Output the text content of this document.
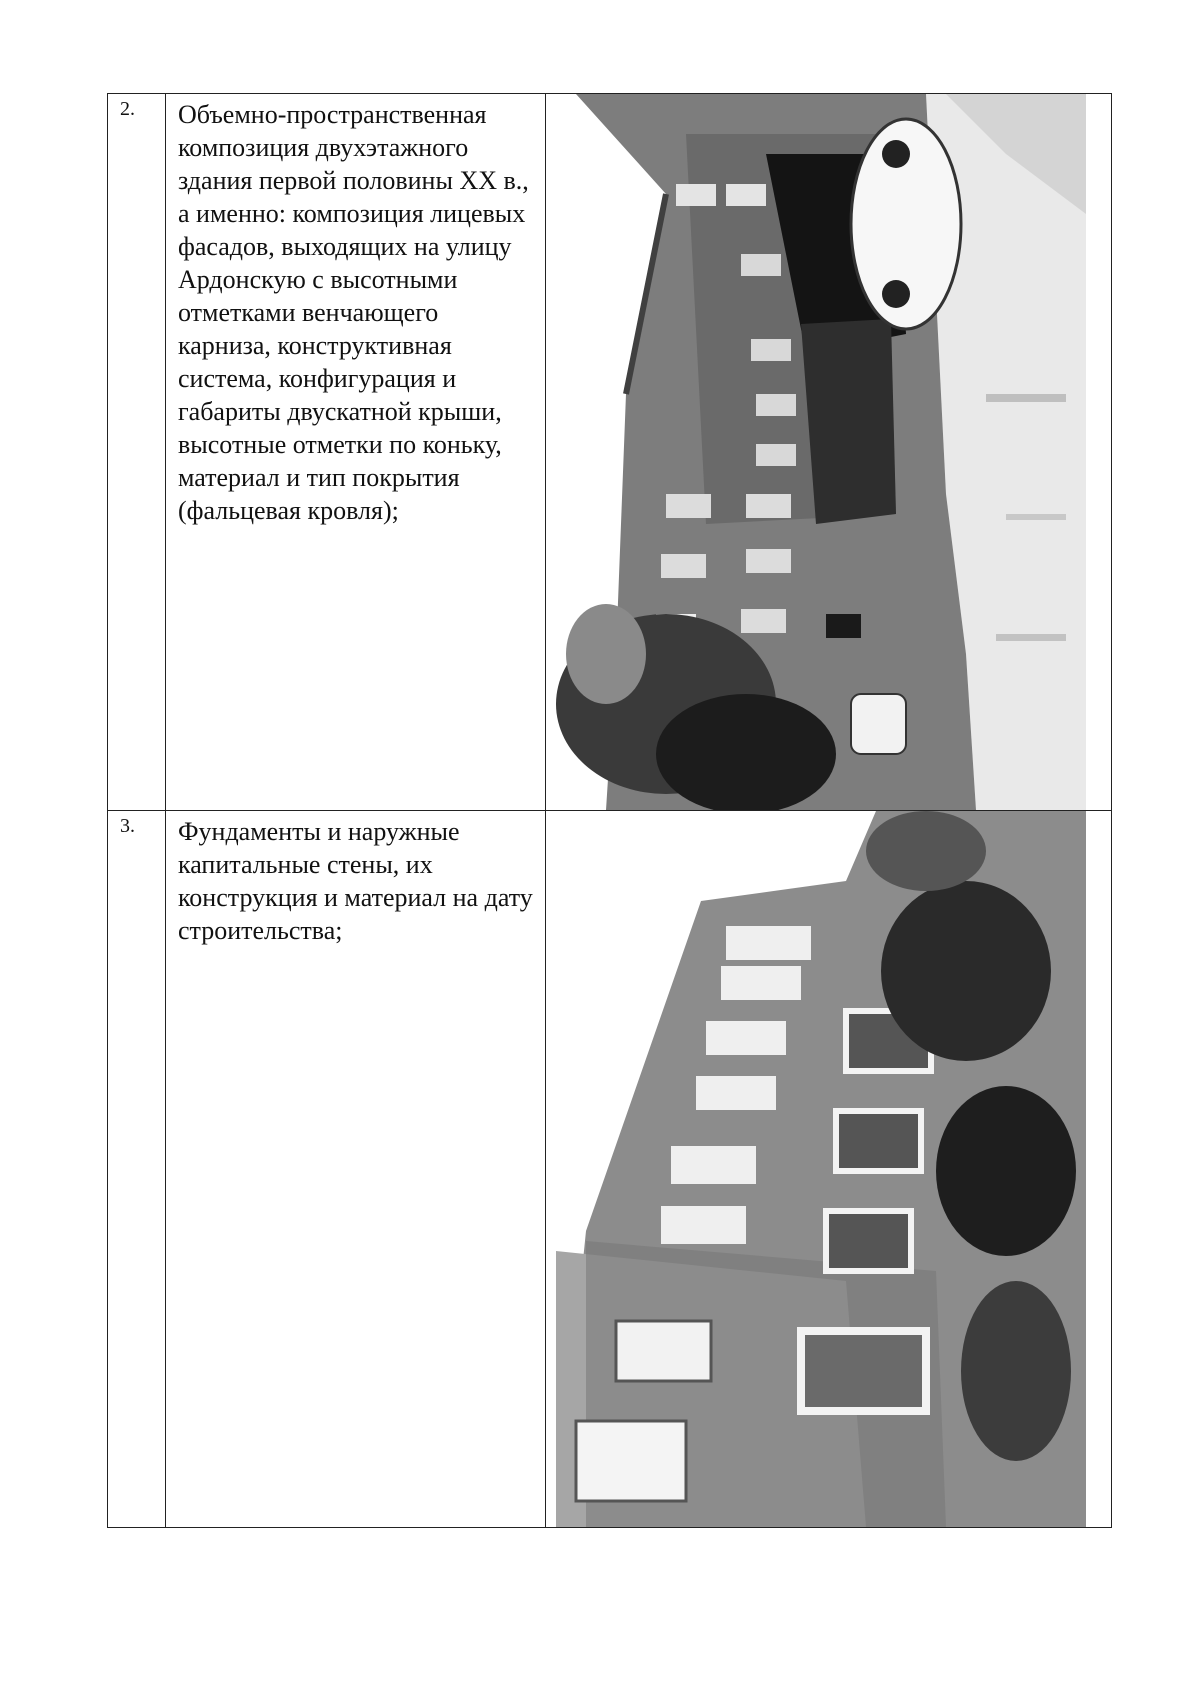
2.	Объемно-пространственная композиция двухэтажного здания первой половины XX в., а именно: композиция лицевых фасадов, выходящих на улицу Ардонскую с высотными отметками венчающего карниза, конструктивная система, конфигурация и габариты двускатной крыши, высотные отметки по коньку, материал и тип покрытия (фальцевая кровля);	

3.	Фундаменты и наружные капитальные стены, их конструкция и материал на дату строительства;	
